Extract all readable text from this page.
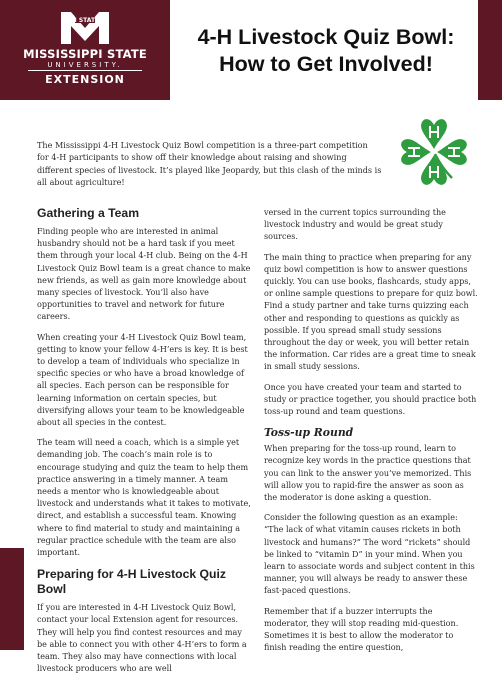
M STATE
MISSISSIPPI STATE
UNIVERSITY.
EXTENSION
4-H Livestock Quiz Bowl:
How to Get Involved!
The Mississippi 4-H Livestock Quiz Bowl competition is a three-part competition for 4-H participants to show off their knowledge about raising and showing different species of livestock. It’s played like Jeopardy, but this clash of the minds is all about agriculture!
Gathering a Team

Finding people who are interested in animal husbandry should not be a hard task if you meet them through your local 4-H club. Being on the 4-H Livestock Quiz Bowl team is a great chance to make new friends, as well as gain more knowledge about many species of livestock. You’ll also have opportunities to travel and network for future careers.

When creating your 4-H Livestock Quiz Bowl team, getting to know your fellow 4-H’ers is key. It is best to develop a team of individuals who specialize in specific species or who have a broad knowledge of all species. Each person can be responsible for learning information on certain species, but diversifying allows your team to be knowledgeable about all species in the contest.

The team will need a coach, which is a simple yet demanding job. The coach’s main role is to encourage studying and quiz the team to help them practice answering in a timely manner. A team needs a mentor who is knowledgeable about livestock and understands what it takes to motivate, direct, and establish a successful team. Knowing where to find material to study and maintaining a regular practice schedule with the team are also important.

Preparing for 4-H Livestock Quiz Bowl

If you are interested in 4-H Livestock Quiz Bowl, contact your local Extension agent for resources. They will help you find contest resources and may be able to connect you with other 4-H’ers to form a team. They also may have connections with local livestock producers who are well

versed in the current topics surrounding the livestock industry and would be great study sources.

The main thing to practice when preparing for any quiz bowl competition is how to answer questions quickly. You can use books, flashcards, study apps, or online sample questions to prepare for quiz bowl. Find a study partner and take turns quizzing each other and responding to questions as quickly as possible. If you spread small study sessions throughout the day or week, you will better retain the information. Car rides are a great time to sneak in small study sessions.

Once you have created your team and started to study or practice together, you should practice both toss-up round and team questions.

Toss-up Round

When preparing for the toss-up round, learn to recognize key words in the practice questions that you can link to the answer you’ve memorized. This will allow you to rapid-fire the answer as soon as the moderator is done asking a question.

Consider the following question as an example: “The lack of what vitamin causes rickets in both livestock and humans?” The word “rickets” should be linked to “vitamin D” in your mind. When you learn to associate words and subject content in this manner, you will always be ready to answer these fast-paced questions.

Remember that if a buzzer interrupts the moderator, they will stop reading mid-question. Sometimes it is best to allow the moderator to finish reading the entire question,
